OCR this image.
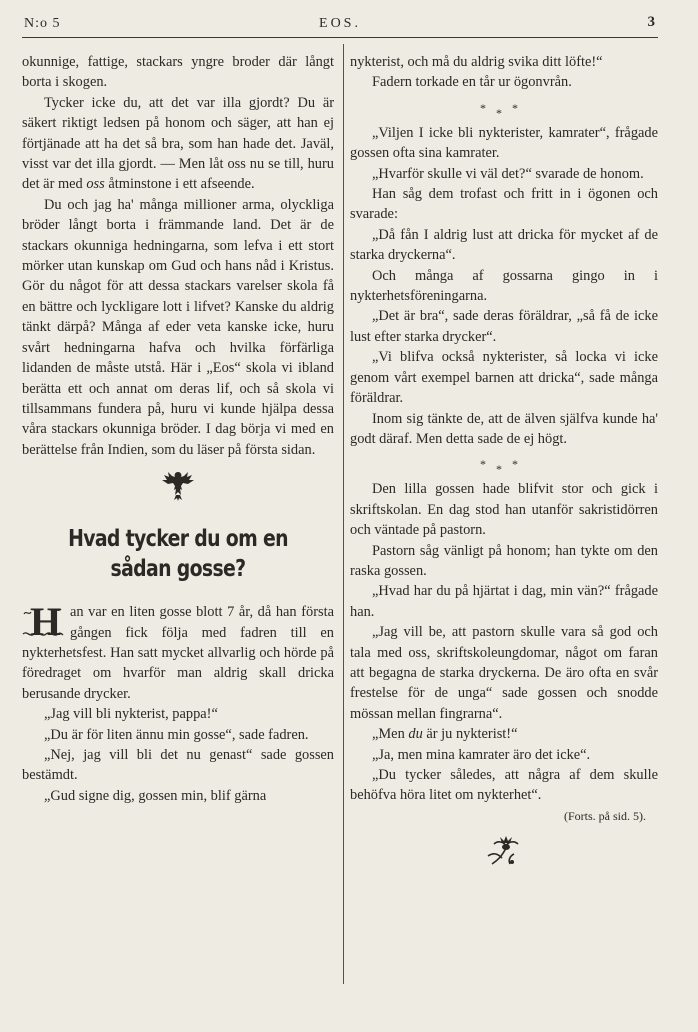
N:o 5	EOS.	3

okunnige, fattige, stackars yngre broder där långt borta i skogen.

Tycker icke du, att det var illa gjordt? Du är säkert riktigt ledsen på honom och säger, att han ej förtjänade att ha det så bra, som han hade det. Javäl, visst var det illa gjordt. — Men låt oss nu se till, huru det är med oss åtminstone i ett afseende.

Du och jag ha' många millioner arma, olyckliga bröder långt borta i främmande land. Det är de stackars okunniga hedningarna, som lefva i ett stort mörker utan kunskap om Gud och hans nåd i Kristus. Gör du något för att dessa stackars varelser skola få en bättre och lyckligare lott i lifvet? Kanske du aldrig tänkt därpå? Många af eder veta kanske icke, huru svårt hedningarna hafva och hvilka förfärliga lidanden de måste utstå. Här i „Eos“ skola vi ibland berätta ett och annat om deras lif, och så skola vi tillsammans fundera på, huru vi kunde hjälpa dessa våra stackars okunniga bröder. I dag börja vi med en berättelse från Indien, som du läser på första sidan.

Hvad tycker du om en sådan gosse?

H an var en liten gosse blott 7 år, då han första gången fick följa med fadren till en nykterhetsfest. Han satt mycket allvarlig och hörde på föredraget om hvarför man aldrig skall dricka berusande drycker.

„Jag vill bli nykterist, pappa!“

„Du är för liten ännu min gosse“, sade fadren.

„Nej, jag vill bli det nu genast“ sade gossen bestämdt.

„Gud signe dig, gossen min, blif gärna

nykterist, och må du aldrig svika ditt löfte!“

Fadern torkade en tår ur ögonvrån.

***

„Viljen I icke bli nykterister, kamrater“, frågade gossen ofta sina kamrater.

„Hvarför skulle vi väl det?“ svarade de honom.

Han såg dem trofast och fritt in i ögonen och svarade:

„Då fån I aldrig lust att dricka för mycket af de starka dryckerna“.

Och många af gossarna gingo in i nykterhetsföreningarna.

„Det är bra“, sade deras föräldrar, „så få de icke lust efter starka drycker“.

„Vi blifva också nykterister, så locka vi icke genom vårt exempel barnen att dricka“, sade många föräldrar.

Inom sig tänkte de, att de älven själfva kunde ha' godt däraf. Men detta sade de ej högt.

***

Den lilla gossen hade blifvit stor och gick i skriftskolan. En dag stod han utanför sakristidörren och väntade på pastorn.

Pastorn såg vänligt på honom; han tykte om den raska gossen.

„Hvad har du på hjärtat i dag, min vän?“ frågade han.

„Jag vill be, att pastorn skulle vara så god och tala med oss, skriftskoleungdomar, något om faran att begagna de starka dryckerna. De äro ofta en svår frestelse för de unga“ sade gossen och snodde mössan mellan fingrarna“.

„Men du är ju nykterist!“

„Ja, men mina kamrater äro det icke“.

„Du tycker således, att några af dem skulle behöfva höra litet om nykterhet“.

(Forts. på sid. 5).
